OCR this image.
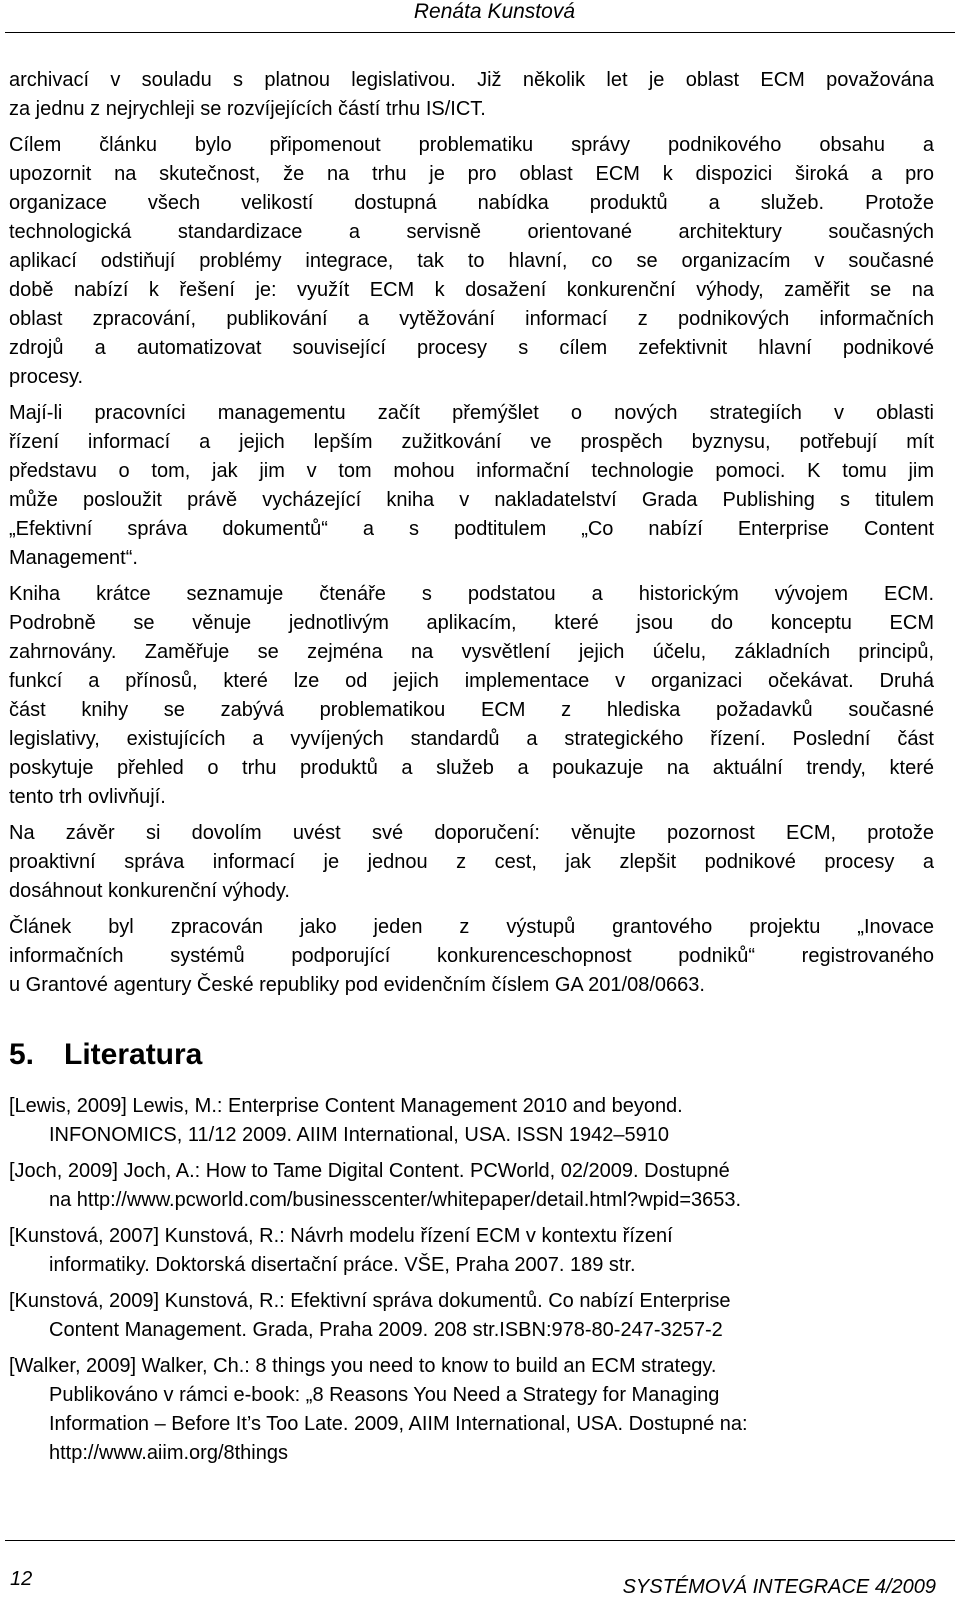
Renáta Kunstová
archivací v souladu s platnou legislativou. Již několik let je oblast ECM považována
za jednu z nejrychleji se rozvíjejících částí trhu IS/ICT.
Cílem článku bylo připomenout problematiku správy podnikového obsahu a
upozornit na skutečnost, že na trhu je pro oblast ECM k dispozici široká a pro
organizace všech velikostí dostupná nabídka produktů a služeb. Protože
technologická standardizace a servisně orientované architektury současných
aplikací odstiňují problémy integrace, tak to hlavní, co se organizacím v současné
době nabízí k řešení je: využít ECM k dosažení konkurenční výhody, zaměřit se na
oblast zpracování, publikování a vytěžování informací z podnikových informačních
zdrojů a automatizovat související procesy s cílem zefektivnit hlavní podnikové
procesy.
Mají-li pracovníci managementu začít přemýšlet o nových strategiích v oblasti
řízení informací a jejich lepším zužitkování ve prospěch byznysu, potřebují mít
představu o tom, jak jim v tom mohou informační technologie pomoci. K tomu jim
může posloužit právě vycházející kniha v nakladatelství Grada Publishing s titulem
„Efektivní správa dokumentů“ a s podtitulem „Co nabízí Enterprise Content
Management“.
Kniha krátce seznamuje čtenáře s podstatou a historickým vývojem ECM.
Podrobně se věnuje jednotlivým aplikacím, které jsou do konceptu ECM
zahrnovány. Zaměřuje se zejména na vysvětlení jejich účelu, základních principů,
funkcí a přínosů, které lze od jejich implementace v organizaci očekávat. Druhá
část knihy se zabývá problematikou ECM z hlediska požadavků současné
legislativy, existujících a vyvíjených standardů a strategického řízení. Poslední část
poskytuje přehled o trhu produktů a služeb a poukazuje na aktuální trendy, které
tento trh ovlivňují.
Na závěr si dovolím uvést své doporučení: věnujte pozornost ECM, protože
proaktivní správa informací je jednou z cest, jak zlepšit podnikové procesy a
dosáhnout konkurenční výhody.
Článek byl zpracován jako jeden z výstupů grantového projektu „Inovace
informačních systémů podporující konkurenceschopnost podniků“ registrovaného
u Grantové agentury České republiky pod evidenčním číslem GA 201/08/0663.
5. Literatura
[Lewis, 2009] Lewis, M.: Enterprise Content Management 2010 and beyond.
INFONOMICS, 11/12 2009. AIIM International, USA. ISSN 1942–5910
[Joch, 2009] Joch, A.: How to Tame Digital Content. PCWorld, 02/2009. Dostupné
na http://www.pcworld.com/businesscenter/whitepaper/detail.html?wpid=3653.
[Kunstová, 2007] Kunstová, R.: Návrh modelu řízení ECM v kontextu řízení
informatiky. Doktorská disertační práce. VŠE, Praha 2007. 189 str.
[Kunstová, 2009] Kunstová, R.: Efektivní správa dokumentů. Co nabízí Enterprise
Content Management. Grada, Praha 2009. 208 str.ISBN:978-80-247-3257-2
[Walker, 2009] Walker, Ch.: 8 things you need to know to build an ECM strategy.
Publikováno v rámci e-book: „8 Reasons You Need a Strategy for Managing
Information – Before It’s Too Late. 2009, AIIM International, USA. Dostupné na:
http://www.aiim.org/8things
12	SYSTÉMOVÁ INTEGRACE 4/2009
